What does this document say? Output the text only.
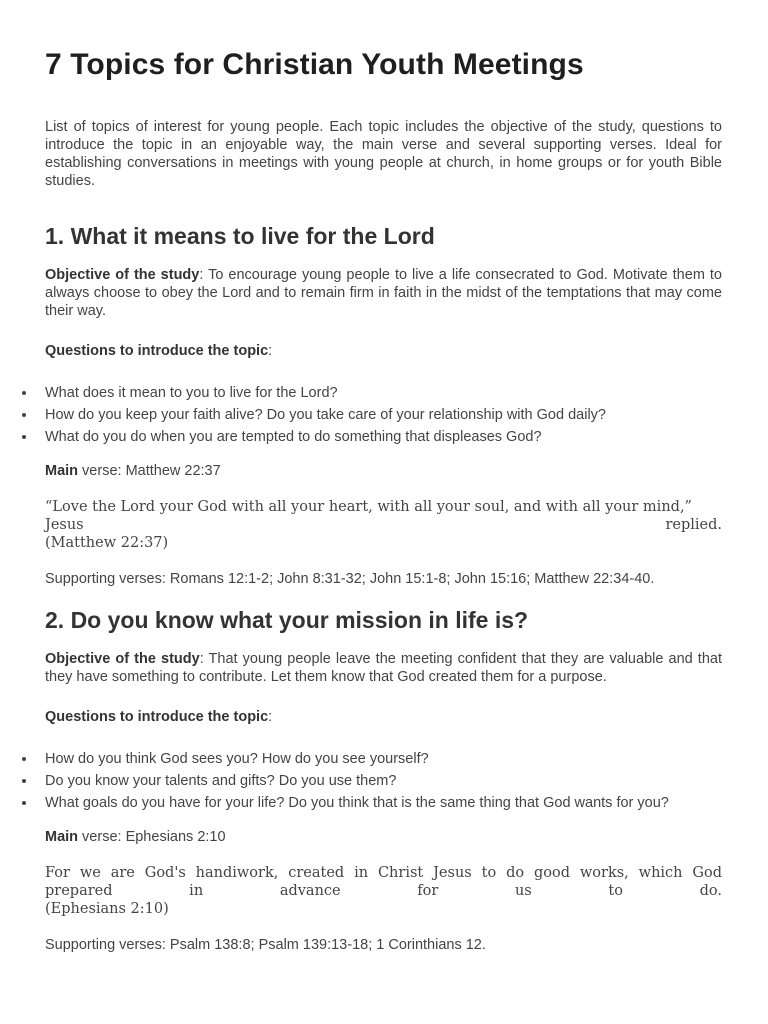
7 Topics for Christian Youth Meetings

List of topics of interest for young people. Each topic includes the objective of the study, questions to introduce the topic in an enjoyable way, the main verse and several supporting verses. Ideal for establishing conversations in meetings with young people at church, in home groups or for youth Bible studies.

1. What it means to live for the Lord

Objective of the study: To encourage young people to live a life consecrated to God. Motivate them to always choose to obey the Lord and to remain firm in faith in the midst of the temptations that may come their way.

Questions to introduce the topic:

What does it mean to you to live for the Lord?
How do you keep your faith alive? Do you take care of your relationship with God daily?
What do you do when you are tempted to do something that displeases God?

Main verse: Matthew 22:37

“Love the Lord your God with all your heart, with all your soul, and with all your mind,”
Jesus replied.
(Matthew 22:37)

Supporting verses: Romans 12:1-2; John 8:31-32; John 15:1-8; John 15:16; Matthew 22:34-40.

2. Do you know what your mission in life is?

Objective of the study: That young people leave the meeting confident that they are valuable and that they have something to contribute. Let them know that God created them for a purpose.

Questions to introduce the topic:

How do you think God sees you? How do you see yourself?
Do you know your talents and gifts? Do you use them?
What goals do you have for your life? Do you think that is the same thing that God wants for you?

Main verse: Ephesians 2:10

For we are God's handiwork, created in Christ Jesus to do good works, which God
prepared in advance for us to do.
(Ephesians 2:10)

Supporting verses: Psalm 138:8; Psalm 139:13-18; 1 Corinthians 12.
